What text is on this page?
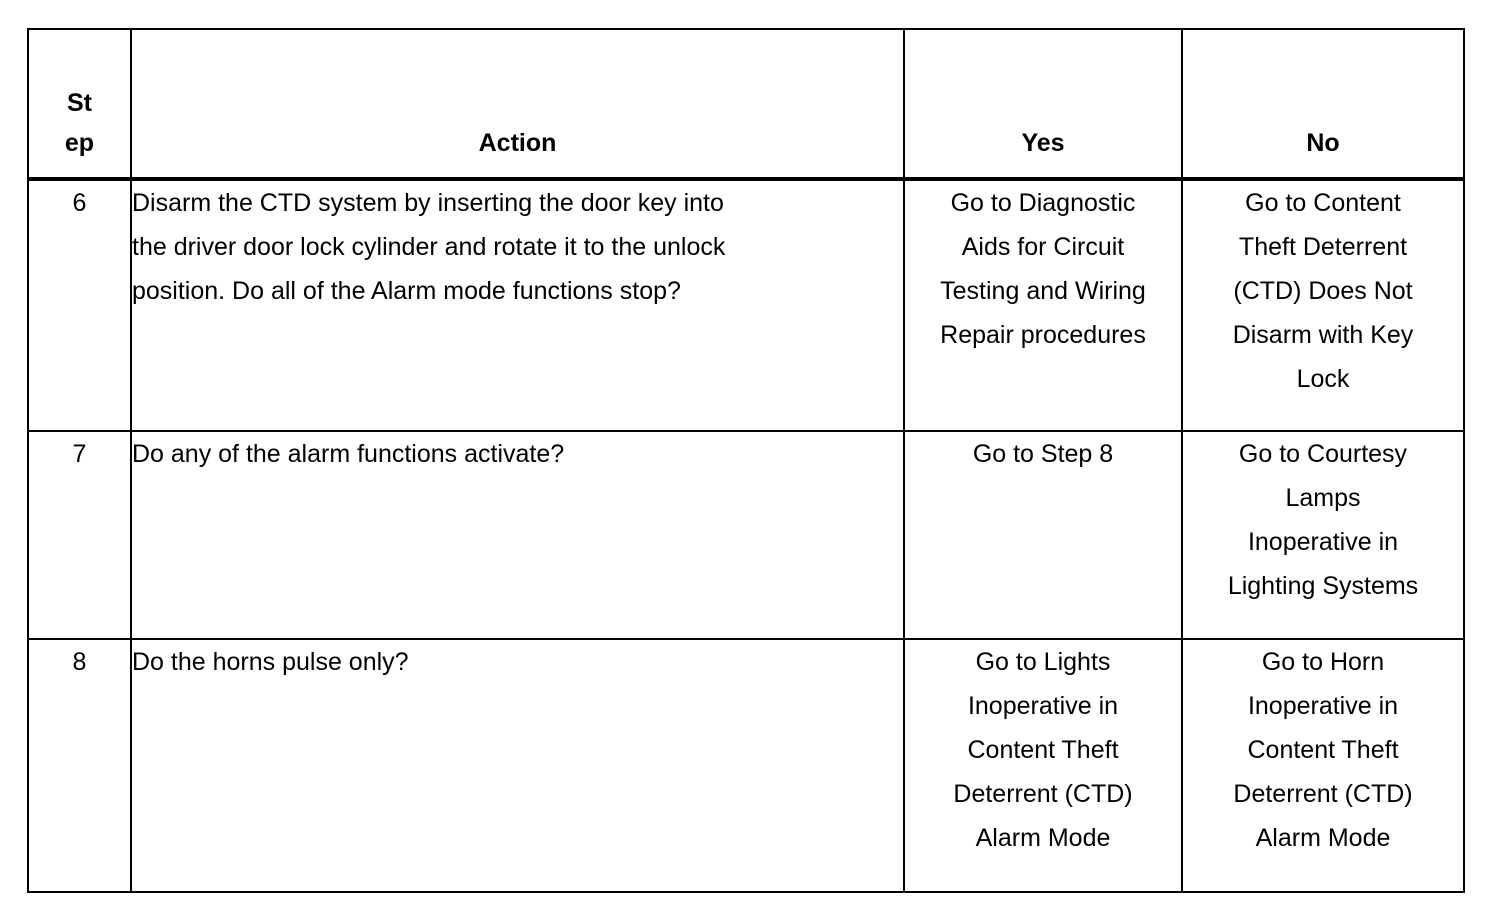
St
ep	Action	Yes	No
6	Disarm the CTD system by inserting the door key into
the driver door lock cylinder and rotate it to the unlock
position. Do all of the Alarm mode functions stop?	Go to Diagnostic
Aids for Circuit
Testing and Wiring
Repair procedures	Go to Content
Theft Deterrent
(CTD) Does Not
Disarm with Key
Lock
7	Do any of the alarm functions activate?	Go to Step 8	Go to Courtesy
Lamps
Inoperative in
Lighting Systems
8	Do the horns pulse only?	Go to Lights
Inoperative in
Content Theft
Deterrent (CTD)
Alarm Mode	Go to Horn
Inoperative in
Content Theft
Deterrent (CTD)
Alarm Mode
